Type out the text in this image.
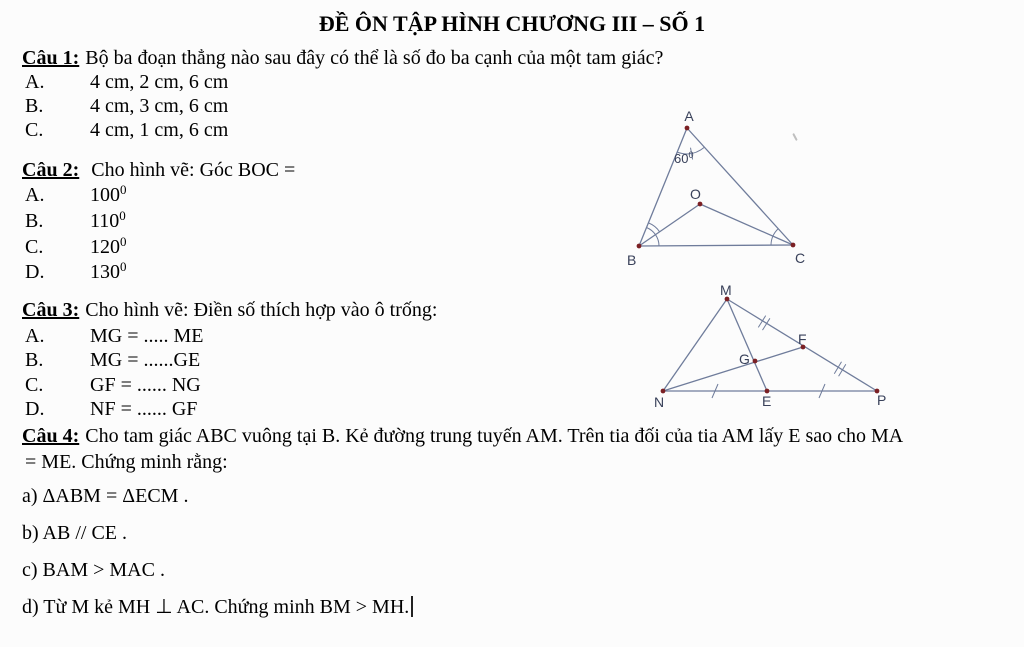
ĐỀ ÔN TẬP HÌNH CHƯƠNG III – SỐ 1
Câu 1: Bộ ba đoạn thẳng nào sau đây có thể là số đo ba cạnh của một tam giác?
A. 4 cm, 2 cm, 6 cm
B. 4 cm, 3 cm, 6 cm
C. 4 cm, 1 cm, 6 cm
Câu 2: Cho hình vẽ: Góc BOC =
A. $100^0$
B. $110^0$
C. $120^0$
D. $130^0$
A
B	C
O
$60^0$
Câu 3: Cho hình vẽ: Điền số thích hợp vào ô trống:
A. MG = ..... ME
B. MG = ......GE
C. GF = ...... NG
D. NF = ...... GF
M
N	E	P
F
G
Câu 4: Cho tam giác ABC vuông tại B. Kẻ đường trung tuyến AM. Trên tia đối của tia AM lấy E sao cho MA
= ME. Chứng minh rằng:
a) ΔABM = ΔECM .
b) AB // CE .
c) BAM > MAC .
d) Từ M kẻ MH ⊥ AC. Chứng minh BM > MH.
